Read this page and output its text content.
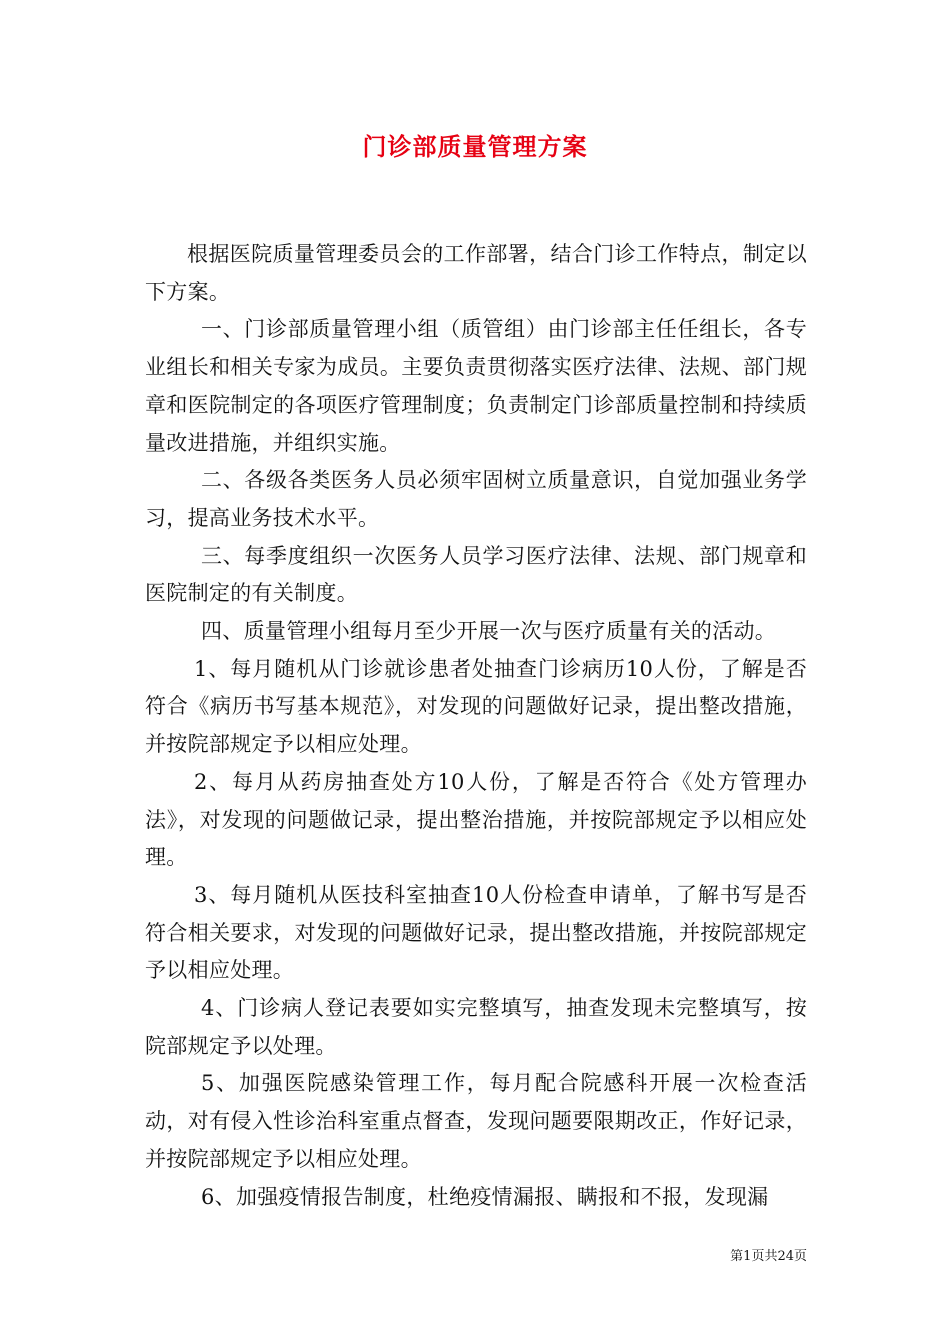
门诊部质量管理方案

根据医院质量管理委员会的工作部署，结合门诊工作特点，制定以下方案。

一、门诊部质量管理小组（质管组）由门诊部主任任组长，各专业组长和相关专家为成员。主要负责贯彻落实医疗法律、法规、部门规章和医院制定的各项医疗管理制度；负责制定门诊部质量控制和持续质量改进措施，并组织实施。

二、各级各类医务人员必须牢固树立质量意识，自觉加强业务学习，提高业务技术水平。

三、每季度组织一次医务人员学习医疗法律、法规、部门规章和医院制定的有关制度。

四、质量管理小组每月至少开展一次与医疗质量有关的活动。

1、每月随机从门诊就诊患者处抽查门诊病历10人份，了解是否符合《病历书写基本规范》，对发现的问题做好记录，提出整改措施，并按院部规定予以相应处理。

2、每月从药房抽查处方10人份，了解是否符合《处方管理办法》，对发现的问题做记录，提出整治措施，并按院部规定予以相应处理。

3、每月随机从医技科室抽查10人份检查申请单，了解书写是否符合相关要求，对发现的问题做好记录，提出整改措施，并按院部规定予以相应处理。

4、门诊病人登记表要如实完整填写，抽查发现未完整填写，按院部规定予以处理。

5、加强医院感染管理工作，每月配合院感科开展一次检查活动，对有侵入性诊治科室重点督查，发现问题要限期改正，作好记录，并按院部规定予以相应处理。

6、加强疫情报告制度，杜绝疫情漏报、瞒报和不报，发现漏

第1页共24页
